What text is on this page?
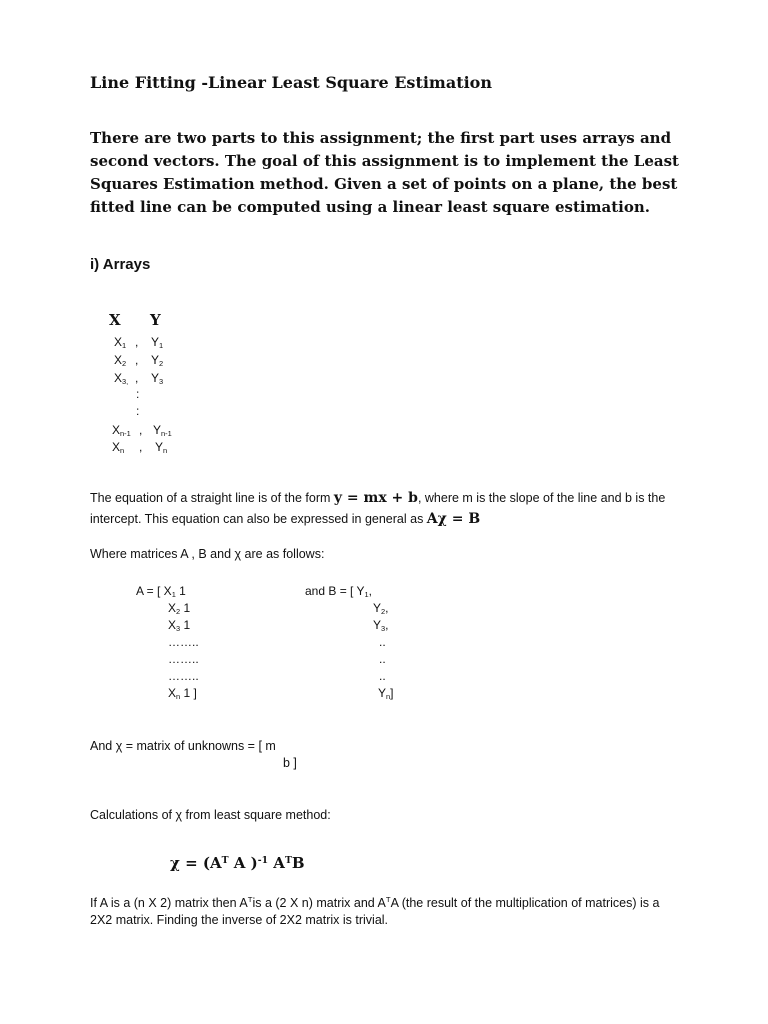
Line Fitting -Linear Least Square Estimation
There are two parts to this assignment; the first part uses arrays and second vectors. The goal of this assignment is to implement the Least Squares Estimation method. Given a set of points on a plane, the best fitted line can be computed using a linear least square estimation.
i) Arrays
X Y
$X_1$ , $Y_1$
$X_2$ , $Y_2$
$X_{3,}$ , $Y_3$
:
:
$X_{n-1}$ , $Y_{n-1}$
$X_n$ , $Y_n$
The equation of a straight line is of the form y = mx + b, where m is the slope of the line and b is the
intercept. This equation can also be expressed in general as Aχ = B
Where matrices A , B and χ are as follows:
A = [ $X_1$ 1
$X_2$ 1
$X_3$ 1
……..
……..
……..
$X_n$ 1 ]
and B = [ $Y_1$,
$Y_2$,
$Y_3$,
..
..
..
$Y_n$]
And χ = matrix of unknowns = [ m
b ]
Calculations of χ from least square method:
$\chi = (A^T$ A )$^{-1}$ $A^TB$
If A is a (n X 2) matrix then $A^Tis$ a (2 X n) matrix and $A^TA$ (the result of the multiplication of matrices) is a
2X2 matrix. Finding the inverse of 2X2 matrix is trivial.
